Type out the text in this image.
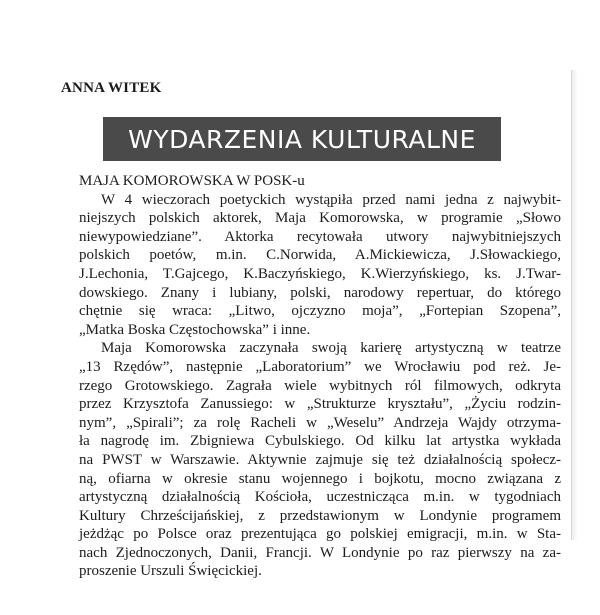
ANNA WITEK

WYDARZENIA KULTURALNE
MAJA KOMOROWSKA W POSK-u
W 4 wieczorach poetyckich wystąpiła przed nami jedna z najwybit-
niejszych polskich aktorek, Maja Komorowska, w programie „Słowo
niewypowiedziane”. Aktorka recytowała utwory najwybitniejszych
polskich poetów, m.in. C.Norwida, A.Mickiewicza, J.Słowackiego,
J.Lechonia, T.Gajcego, K.Baczyńskiego, K.Wierzyńskiego, ks. J.Twar-
dowskiego. Znany i lubiany, polski, narodowy repertuar, do którego
chętnie się wraca: „Litwo, ojczyzno moja”, „Fortepian Szopena”,
„Matka Boska Częstochowska” i inne.
Maja Komorowska zaczynała swoją karierę artystyczną w teatrze
„13 Rzędów”, następnie „Laboratorium” we Wrocławiu pod reż. Je-
rzego Grotowskiego. Zagrała wiele wybitnych ról filmowych, odkryta
przez Krzysztofa Zanussiego: w „Strukturze kryształu”, „Życiu rodzin-
nym”, „Spirali”; za rolę Racheli w „Weselu” Andrzeja Wajdy otrzyma-
ła nagrodę im. Zbigniewa Cybulskiego. Od kilku lat artystka wykłada
na PWST w Warszawie. Aktywnie zajmuje się też działalnością społecz-
ną, ofiarna w okresie stanu wojennego i bojkotu, mocno związana z
artystyczną działalnością Kościoła, uczestnicząca m.in. w tygodniach
Kultury Chrześcijańskiej, z przedstawionym w Londynie programem
jeżdżąc po Polsce oraz prezentująca go polskiej emigracji, m.in. w Sta-
nach Zjednoczonych, Danii, Francji. W Londynie po raz pierwszy na za-
proszenie Urszuli Święcickiej.
